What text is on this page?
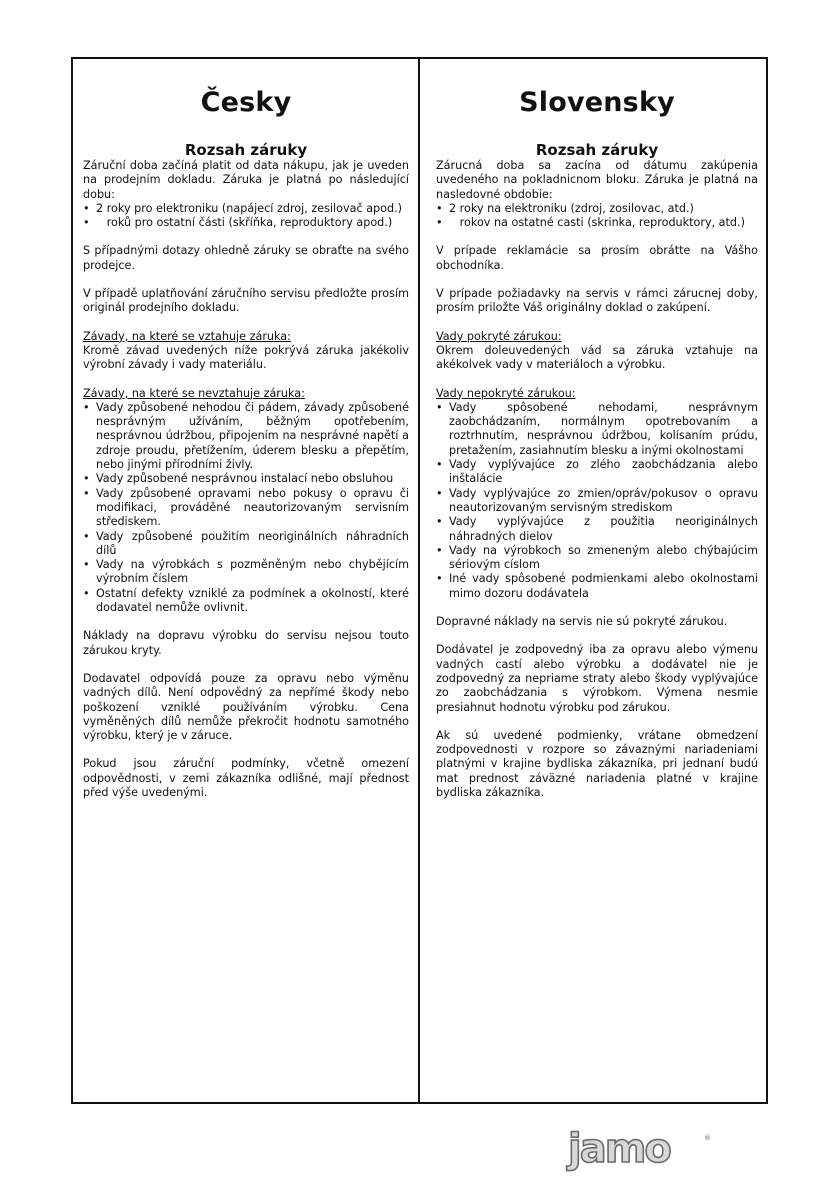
Česky
Rozsah záruky

Záruční doba začíná platit od data nákupu, jak je uveden na prodejním dokladu. Záruka je platná po následující dobu:

• 2 roky pro elektroniku (napájecí zdroj, zesilovač apod.)
• roků pro ostatní části (skříňka, reproduktory apod.)

S případnými dotazy ohledně záruky se obraťte na svého prodejce.

V případě uplatňování záručního servisu předložte prosím originál prodejního dokladu.

Závady, na které se vztahuje záruka:

Kromě závad uvedených níže pokrývá záruka jakékoliv výrobní závady i vady materiálu.

Závady, na které se nevztahuje záruka:

• Vady způsobené nehodou či pádem, závady způsobené nesprávným užíváním, běžným opotřebením, nesprávnou údržbou, připojením na nesprávné napětí a zdroje proudu, přetížením, úderem blesku a přepětím, nebo jinými přírodními živly.
• Vady způsobené nesprávnou instalací nebo obsluhou
• Vady způsobené opravami nebo pokusy o opravu či modifikaci, prováděné neautorizovaným servisním střediskem.
• Vady způsobené použitím neoriginálních náhradních dílů
• Vady na výrobkách s pozměněným nebo chybějícím výrobním číslem
• Ostatní defekty vzniklé za podmínek a okolností, které dodavatel nemůže ovlivnit.

Náklady na dopravu výrobku do servisu nejsou touto zárukou kryty.

Dodavatel odpovídá pouze za opravu nebo výměnu vadných dílů. Není odpovědný za nepřímé škody nebo poškození vzniklé používáním výrobku. Cena vyměněných dílů nemůže překročit hodnotu samotného výrobku, který je v záruce.

Pokud jsou záruční podmínky, včetně omezení odpovědnosti, v zemi zákazníka odlišné, mají přednost před výše uvedenými.

Slovensky
Rozsah záruky

Zárucná doba sa zacína od dátumu zakúpenia uvedeného na pokladnicnom bloku. Záruka je platná na nasledovné obdobie:

• 2 roky na elektroniku (zdroj, zosilovac, atd.)
• rokov na ostatné casti (skrinka, reproduktory, atd.)

V prípade reklamácie sa prosím obrátte na Vášho obchodníka.

V prípade požiadavky na servis v rámci zárucnej doby, prosím priložte Váš originálny doklad o zakúpení.

Vady pokryté zárukou:

Okrem doleuvedených vád sa záruka vztahuje na akékolvek vady v materiáloch a výrobku.

Vady nepokryté zárukou:

• Vady spôsobené nehodami, nesprávnym zaobchádzaním, normálnym opotrebovaním a roztrhnutím, nesprávnou údržbou, kolísaním prúdu, pretažením, zasiahnutím blesku a inými okolnostami
• Vady vyplývajúce zo zlého zaobchádzania alebo inštalácie
• Vady vyplývajúce zo zmien/opráv/pokusov o opravu neautorizovaným servisným strediskom
• Vady vyplývajúce z použitia neoriginálnych náhradných dielov
• Vady na výrobkoch so zmeneným alebo chýbajúcim sériovým císlom
• Iné vady spôsobené podmienkami alebo okolnostami mimo dozoru dodávatela

Dopravné náklady na servis nie sú pokryté zárukou.

Dodávatel je zodpovedný iba za opravu alebo výmenu vadných castí alebo výrobku a dodávatel nie je zodpovedný za nepriame straty alebo škody vyplývajúce zo zaobchádzania s výrobkom. Výmena nesmie presiahnut hodnotu výrobku pod zárukou.

Ak sú uvedené podmienky, vrátane obmedzení zodpovednosti v rozpore so závaznými nariadeniami platnými v krajine bydliska zákazníka, pri jednaní budú mat prednost záväzné nariadenia platné v krajine bydliska zákazníka.

jamo	®
